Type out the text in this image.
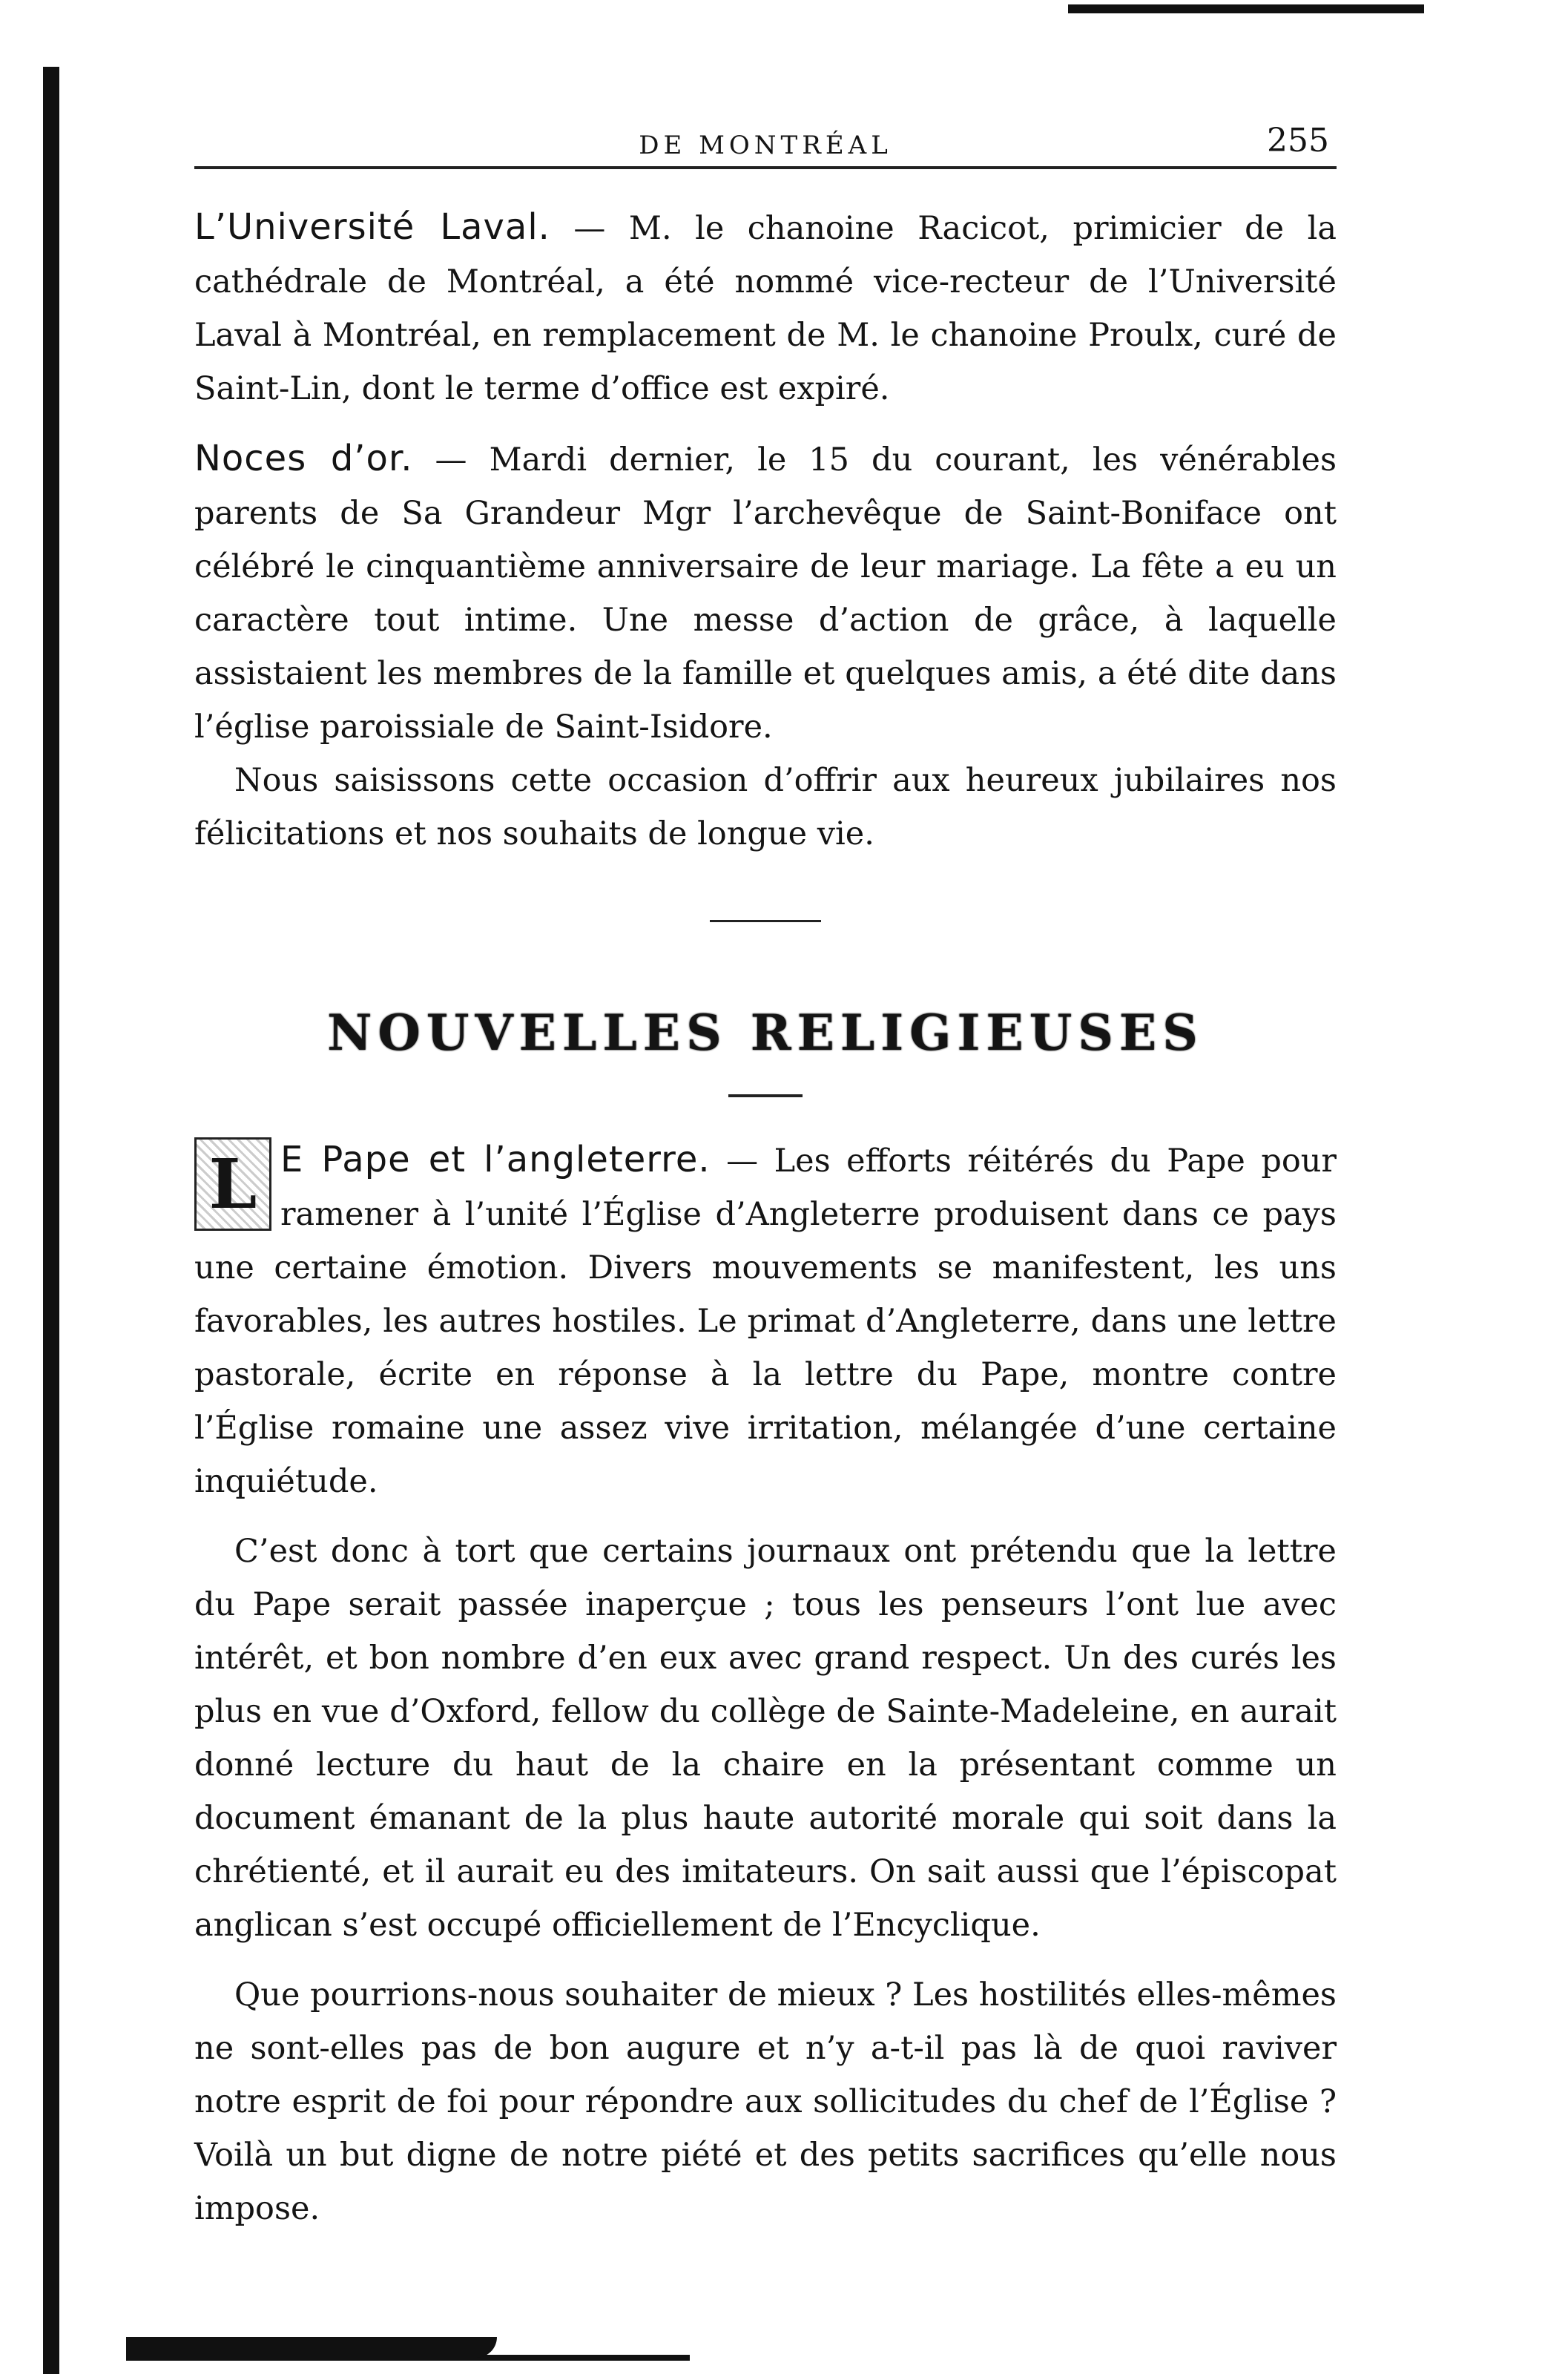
DE MONTRÉAL	255

L’Université Laval. — M. le chanoine Racicot, primicier de la cathédrale de Montréal, a été nommé vice-recteur de l’Université Laval à Montréal, en remplacement de M. le chanoine Proulx, curé de Saint-Lin, dont le terme d’office est expiré.

Noces d’or. — Mardi dernier, le 15 du courant, les vénérables parents de Sa Grandeur Mgr l’archevêque de Saint-Boniface ont célébré le cinquantième anniversaire de leur mariage. La fête a eu un caractère tout intime. Une messe d’action de grâce, à laquelle assistaient les membres de la famille et quelques amis, a été dite dans l’église paroissiale de Saint-Isidore.

Nous saisissons cette occasion d’offrir aux heureux jubilaires nos félicitations et nos souhaits de longue vie.

NOUVELLES RELIGIEUSES

L E Pape et l’angleterre. — Les efforts réitérés du Pape pour ramener à l’unité l’Église d’Angleterre produisent dans ce pays une certaine émotion. Divers mouvements se manifestent, les uns favorables, les autres hostiles. Le primat d’Angleterre, dans une lettre pastorale, écrite en réponse à la lettre du Pape, montre contre l’Église romaine une assez vive irritation, mélangée d’une certaine inquiétude.

C’est donc à tort que certains journaux ont prétendu que la lettre du Pape serait passée inaperçue ; tous les penseurs l’ont lue avec intérêt, et bon nombre d’en eux avec grand respect. Un des curés les plus en vue d’Oxford, fellow du collège de Sainte-Madeleine, en aurait donné lecture du haut de la chaire en la présentant comme un document émanant de la plus haute autorité morale qui soit dans la chrétienté, et il aurait eu des imitateurs. On sait aussi que l’épiscopat anglican s’est occupé officiellement de l’Encyclique.

Que pourrions-nous souhaiter de mieux ? Les hostilités elles-mêmes ne sont-elles pas de bon augure et n’y a-t-il pas là de quoi raviver notre esprit de foi pour répondre aux sollicitudes du chef de l’Église ? Voilà un but digne de notre piété et des petits sacrifices qu’elle nous impose.
